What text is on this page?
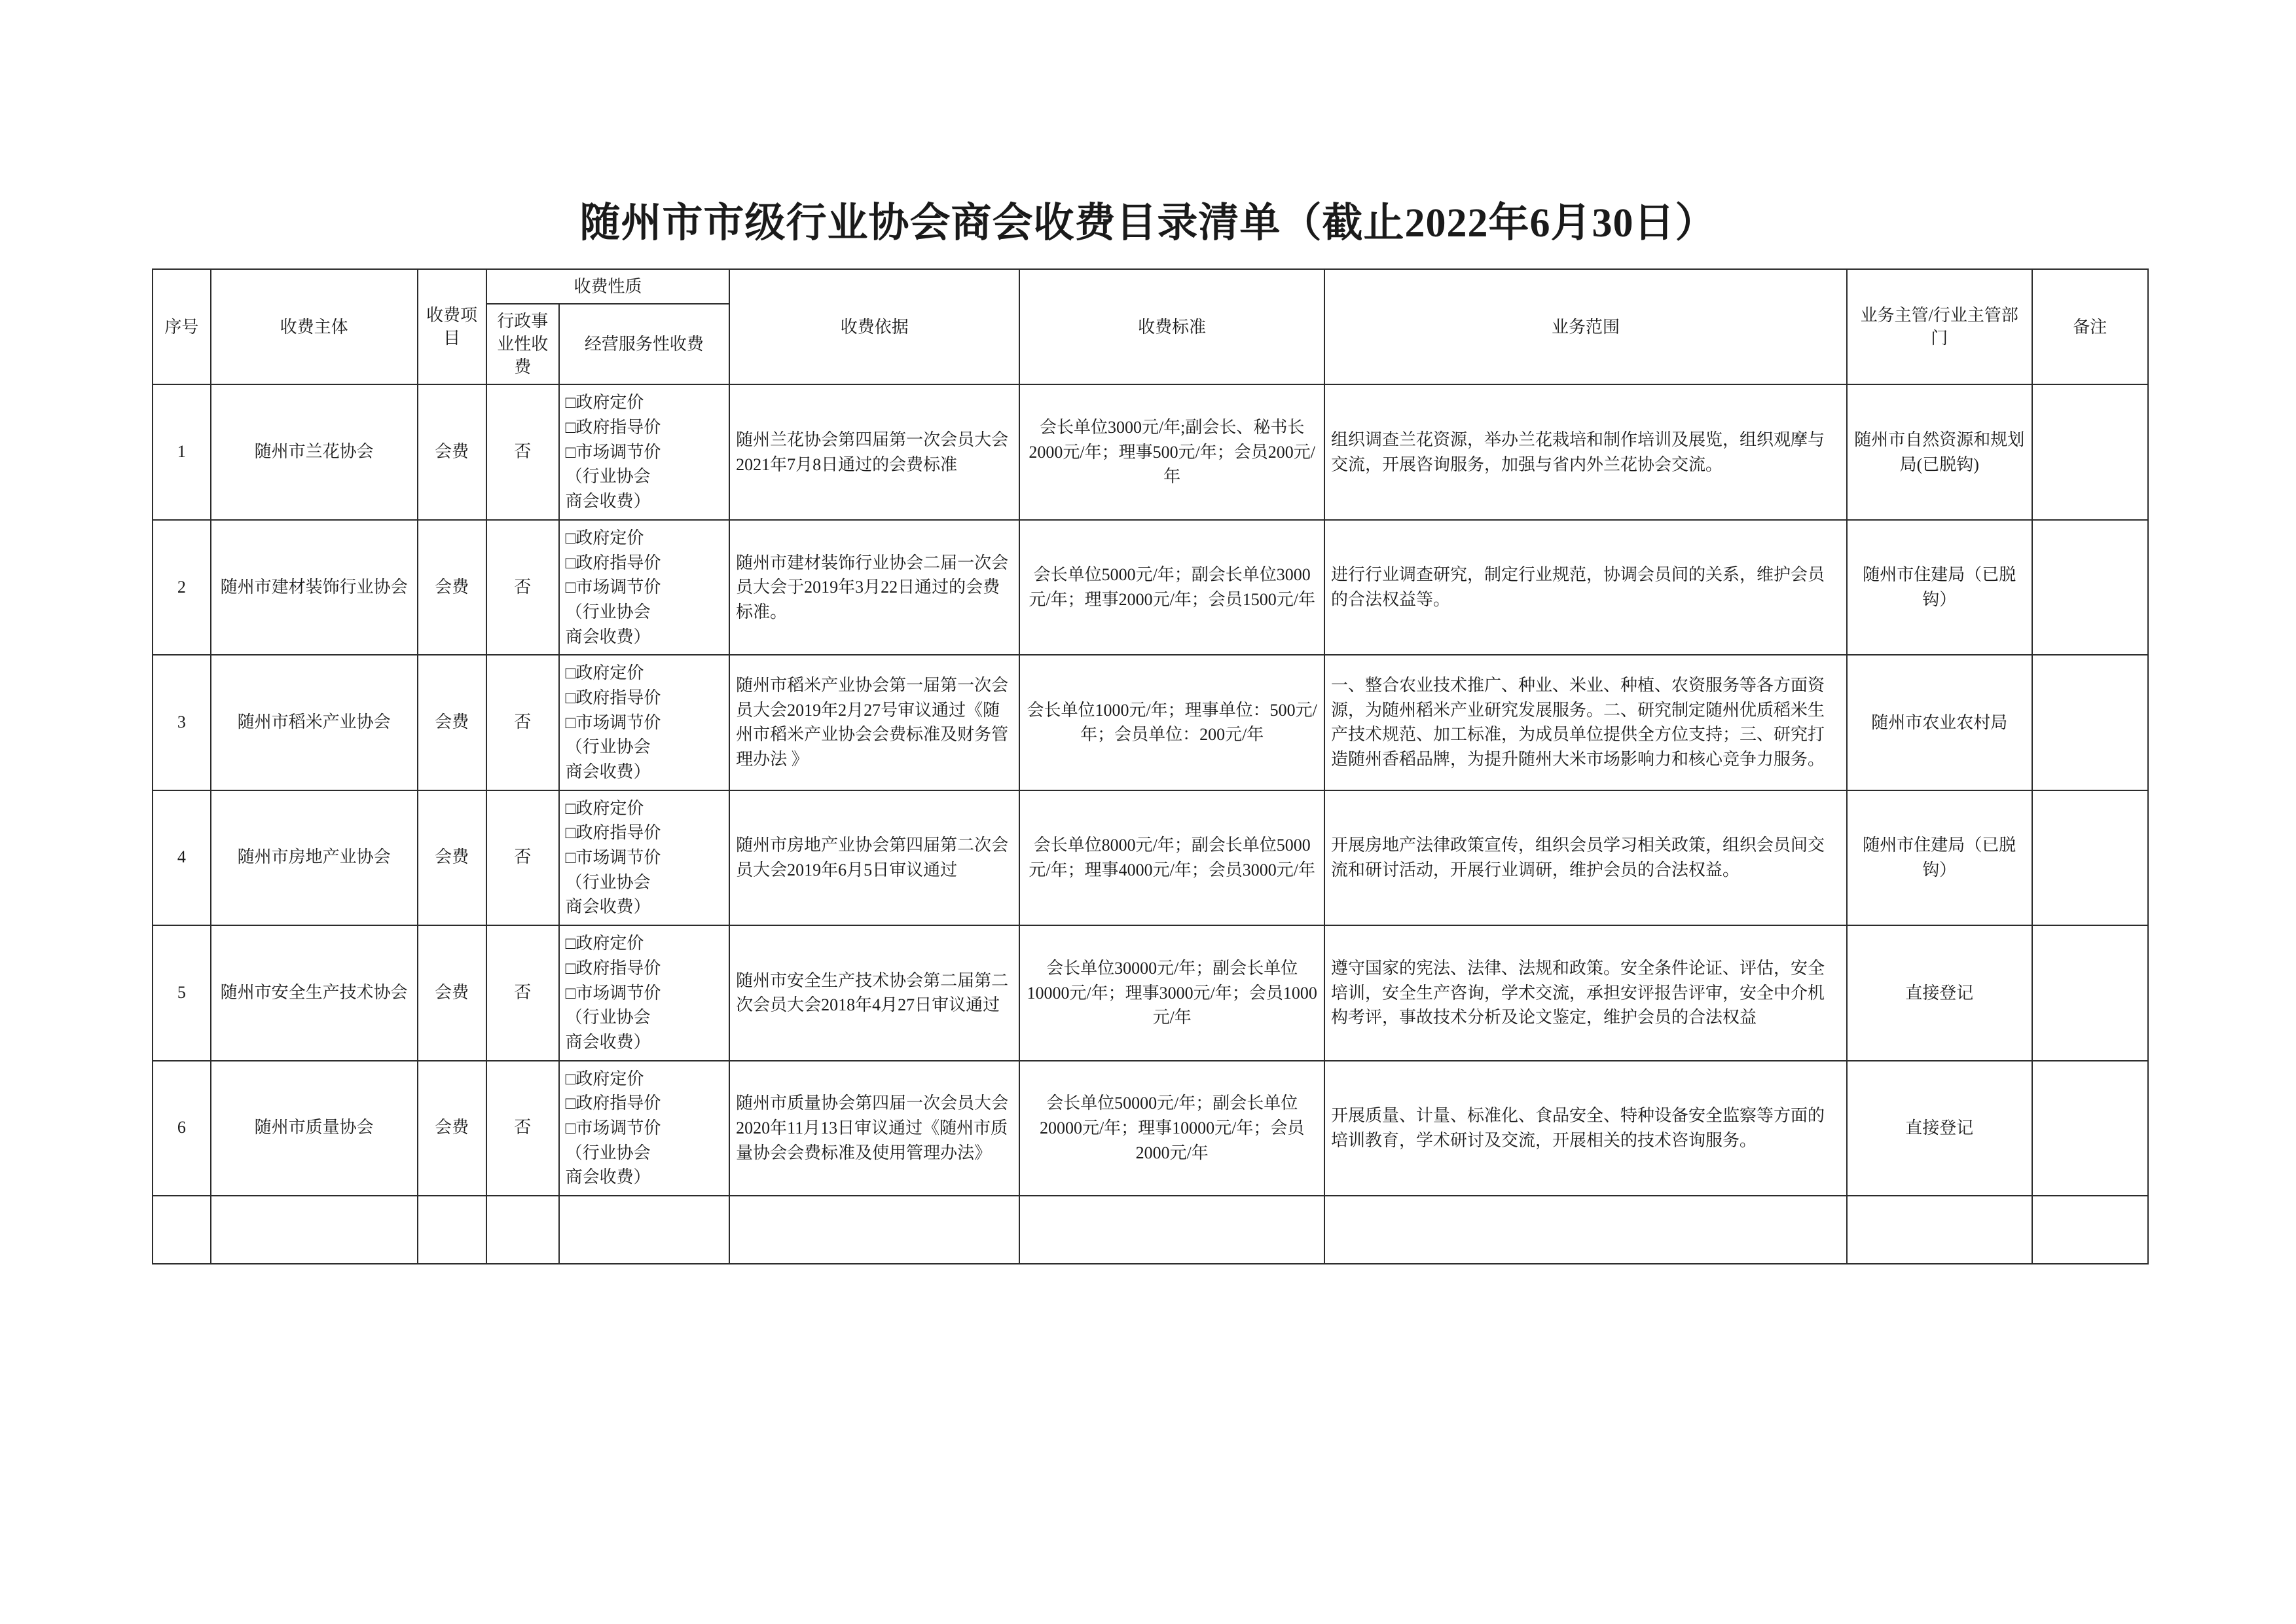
随州市市级行业协会商会收费目录清单（截止2022年6月30日）
序号	收费主体	收费项目	收费性质		收费依据	收费标准	业务范围	业务主管/行业主管部门	备注
			行政事业性收费	经营服务性收费					
1	随州市兰花协会	会费	否	□政府定价
□政府指导价
□市场调节价
（行业协会
商会收费）	随州兰花协会第四届第一次会员大会2021年7月8日通过的会费标准	会长单位3000元/年;副会长、秘书长2000元/年；理事500元/年；会员200元/年	组织调查兰花资源，举办兰花栽培和制作培训及展览，组织观摩与交流，开展咨询服务，加强与省内外兰花协会交流。	随州市自然资源和规划局(已脱钩)	
2	随州市建材装饰行业协会	会费	否	□政府定价
□政府指导价
□市场调节价
（行业协会
商会收费）	随州市建材装饰行业协会二届一次会员大会于2019年3月22日通过的会费标准。	会长单位5000元/年；副会长单位3000元/年；理事2000元/年；会员1500元/年	进行行业调查研究，制定行业规范，协调会员间的关系，维护会员的合法权益等。	随州市住建局（已脱钩）	
3	随州市稻米产业协会	会费	否	□政府定价
□政府指导价
□市场调节价
（行业协会
商会收费）	随州市稻米产业协会第一届第一次会员大会2019年2月27号审议通过《随州市稻米产业协会会费标准及财务管理办法 》	会长单位1000元/年；理事单位：500元/年；会员单位：200元/年	一、整合农业技术推广、种业、米业、种植、农资服务等各方面资源，为随州稻米产业研究发展服务。二、研究制定随州优质稻米生产技术规范、加工标准，为成员单位提供全方位支持；三、研究打造随州香稻品牌，为提升随州大米市场影响力和核心竞争力服务。	随州市农业农村局	
4	随州市房地产业协会	会费	否	□政府定价
□政府指导价
□市场调节价
（行业协会
商会收费）	随州市房地产业协会第四届第二次会员大会2019年6月5日审议通过	会长单位8000元/年；副会长单位5000元/年；理事4000元/年；会员3000元/年	开展房地产法律政策宣传，组织会员学习相关政策，组织会员间交流和研讨活动，开展行业调研，维护会员的合法权益。	随州市住建局（已脱钩）	
5	随州市安全生产技术协会	会费	否	□政府定价
□政府指导价
□市场调节价
（行业协会
商会收费）	随州市安全生产技术协会第二届第二次会员大会2018年4月27日审议通过	会长单位30000元/年；副会长单位10000元/年；理事3000元/年；会员1000元/年	遵守国家的宪法、法律、法规和政策。安全条件论证、评估，安全培训，安全生产咨询，学术交流，承担安评报告评审，安全中介机构考评，事故技术分析及论文鉴定，维护会员的合法权益	直接登记	
6	随州市质量协会	会费	否	□政府定价
□政府指导价
□市场调节价
（行业协会
商会收费）	随州市质量协会第四届一次会员大会2020年11月13日审议通过《随州市质量协会会费标准及使用管理办法》	会长单位50000元/年；副会长单位20000元/年；理事10000元/年；会员2000元/年	开展质量、计量、标准化、食品安全、特种设备安全监察等方面的培训教育，学术研讨及交流，开展相关的技术咨询服务。	直接登记	
